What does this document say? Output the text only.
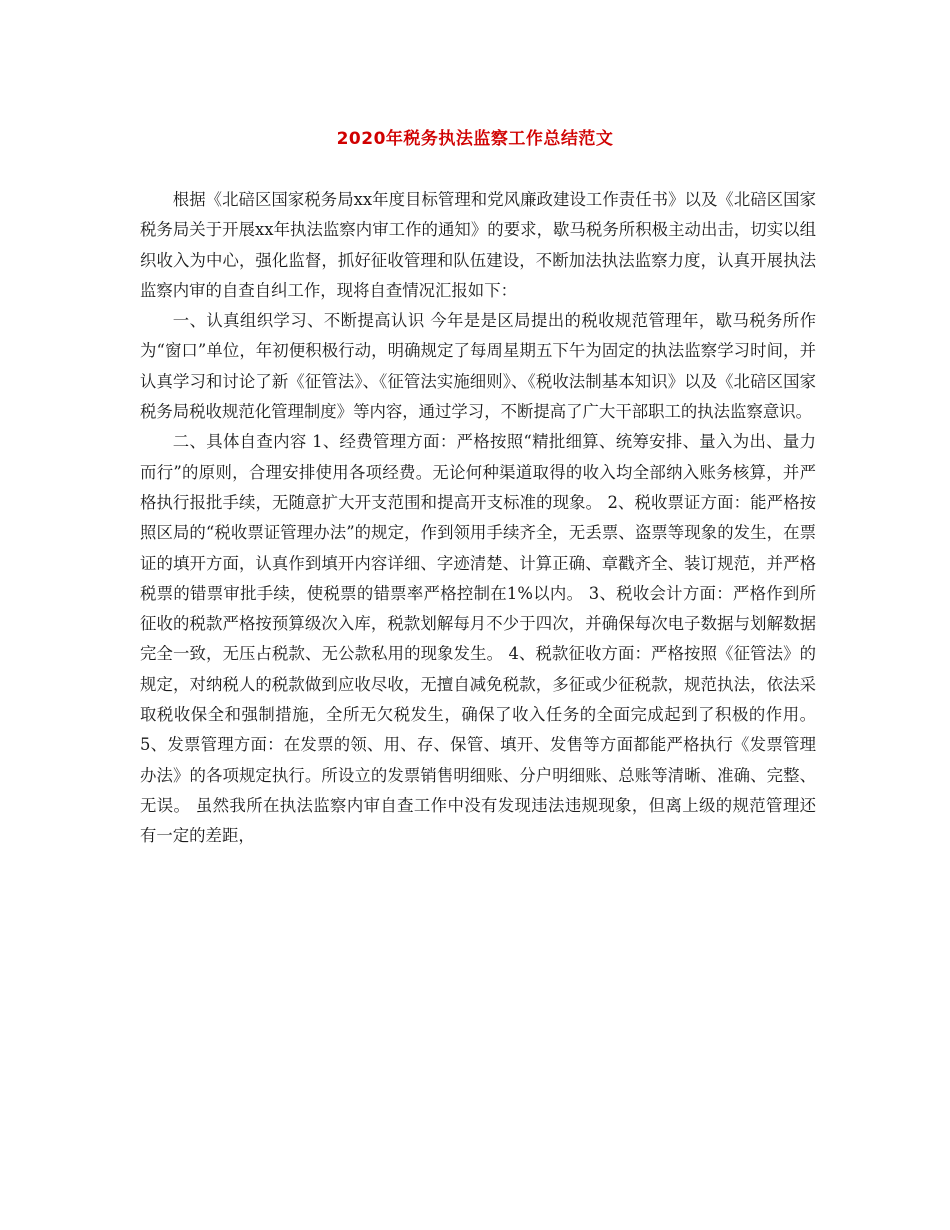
2020年税务执法监察工作总结范文

根据《北碚区国家税务局xx年度目标管理和党风廉政建设工作责任书》以及《北碚区国家税务局关于开展xx年执法监察内审工作的通知》的要求，歇马税务所积极主动出击，切实以组织收入为中心，强化监督，抓好征收管理和队伍建设，不断加法执法监察力度，认真开展执法监察内审的自查自纠工作，现将自查情况汇报如下：

一、认真组织学习、不断提高认识 今年是是区局提出的税收规范管理年，歇马税务所作为“窗口”单位，年初便积极行动，明确规定了每周星期五下午为固定的执法监察学习时间，并认真学习和讨论了新《征管法》、《征管法实施细则》、《税收法制基本知识》以及《北碚区国家税务局税收规范化管理制度》等内容，通过学习，不断提高了广大干部职工的执法监察意识。

二、具体自查内容 1、经费管理方面：严格按照“精批细算、统筹安排、量入为出、量力而行”的原则，合理安排使用各项经费。无论何种渠道取得的收入均全部纳入账务核算，并严格执行报批手续，无随意扩大开支范围和提高开支标准的现象。 2、税收票证方面：能严格按照区局的“税收票证管理办法”的规定，作到领用手续齐全，无丢票、盗票等现象的发生，在票证的填开方面，认真作到填开内容详细、字迹清楚、计算正确、章戳齐全、装订规范，并严格税票的错票审批手续，使税票的错票率严格控制在1%以内。 3、税收会计方面：严格作到所征收的税款严格按预算级次入库，税款划解每月不少于四次，并确保每次电子数据与划解数据完全一致，无压占税款、无公款私用的现象发生。 4、税款征收方面：严格按照《征管法》的规定，对纳税人的税款做到应收尽收，无擅自减免税款，多征或少征税款，规范执法，依法采取税收保全和强制措施，全所无欠税发生，确保了收入任务的全面完成起到了积极的作用。 5、发票管理方面：在发票的领、用、存、保管、填开、发售等方面都能严格执行《发票管理办法》的各项规定执行。所设立的发票销售明细账、分户明细账、总账等清晰、准确、完整、无误。 虽然我所在执法监察内审自查工作中没有发现违法违规现象，但离上级的规范管理还有一定的差距，
